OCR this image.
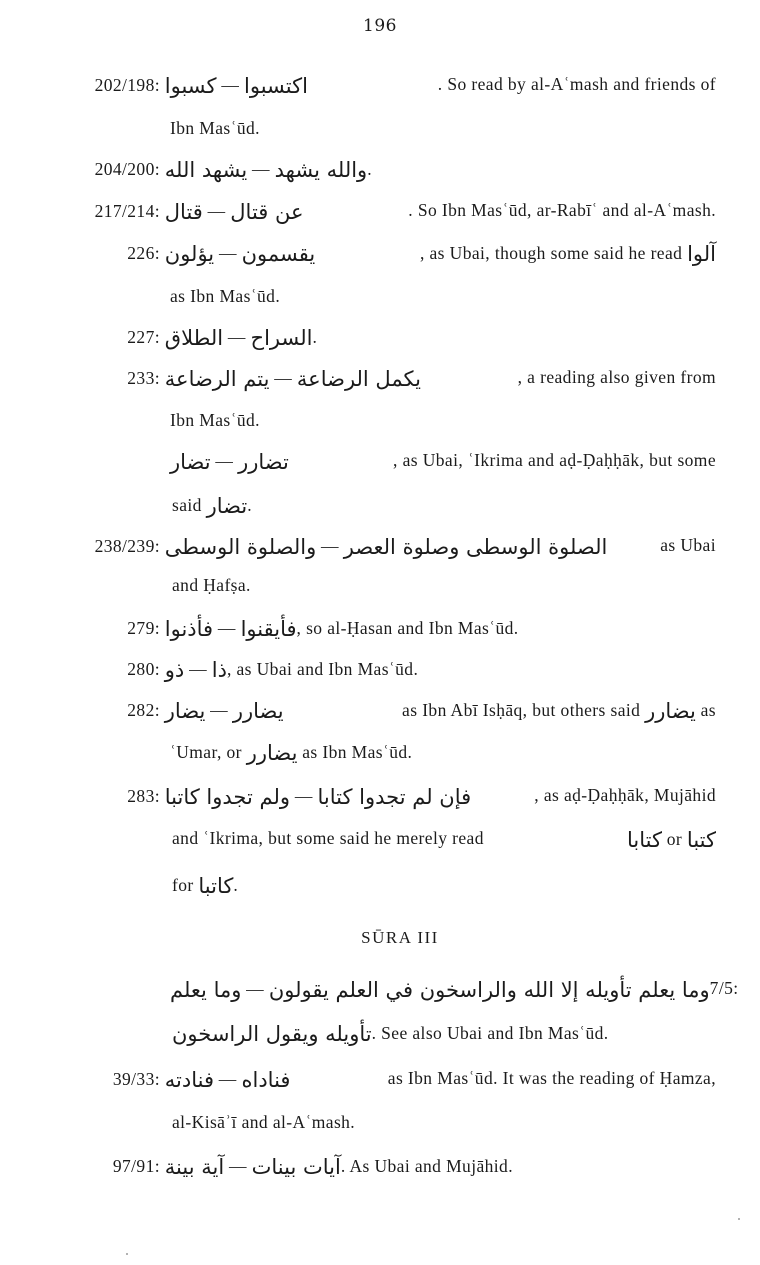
196
202/198: كسبوا — اكتسبوا	. So read by al-Aʿmash and friends of
Ibn Masʿūd.
204/200: يشهد الله — والله يشهد.
217/214: قتال — عن قتال	. So Ibn Masʿūd, ar-Rabīʿ and al-Aʿmash.
226: يؤلون — يقسمون	, as Ubai, though some said he read آلوا
as Ibn Masʿūd.
227: الطلاق — السراح.
233: يتم الرضاعة — يكمل الرضاعة	, a reading also given from
Ibn Masʿūd.
تضار — تضارر	, as Ubai, ʿIkrima and aḍ-Ḍaḥḥāk, but some
said تضار.
238/239: والصلوة الوسطى — الصلوة الوسطى وصلوة العصر	as Ubai
and Ḥafṣa.
279: فأذنوا — فأيقنوا, so al-Ḥasan and Ibn Masʿūd.
280: ذو — ذا, as Ubai and Ibn Masʿūd.
282: يضار — يضارر	as Ibn Abī Isḥāq, but others said يضارر as
ʿUmar, or يضارر as Ibn Masʿūd.
283: ولم تجدوا كاتبا — فإن لم تجدوا كتابا	, as aḍ-Ḍaḥḥāk, Mujāhid
and ʿIkrima, but some said he merely read	كتابا or كتبا
for كاتبا.
SŪRA III
وما يعلم — وما يعلم تأويله إلا الله والراسخون في العلم يقولون 7/5:
تأويله ويقول الراسخون. See also Ubai and Ibn Masʿūd.
39/33: فنادته — فناداه	as Ibn Masʿūd. It was the reading of Ḥamza,
al-Kisāʾī and al-Aʿmash.
97/91: آية بينة — آيات بينات. As Ubai and Mujāhid.
